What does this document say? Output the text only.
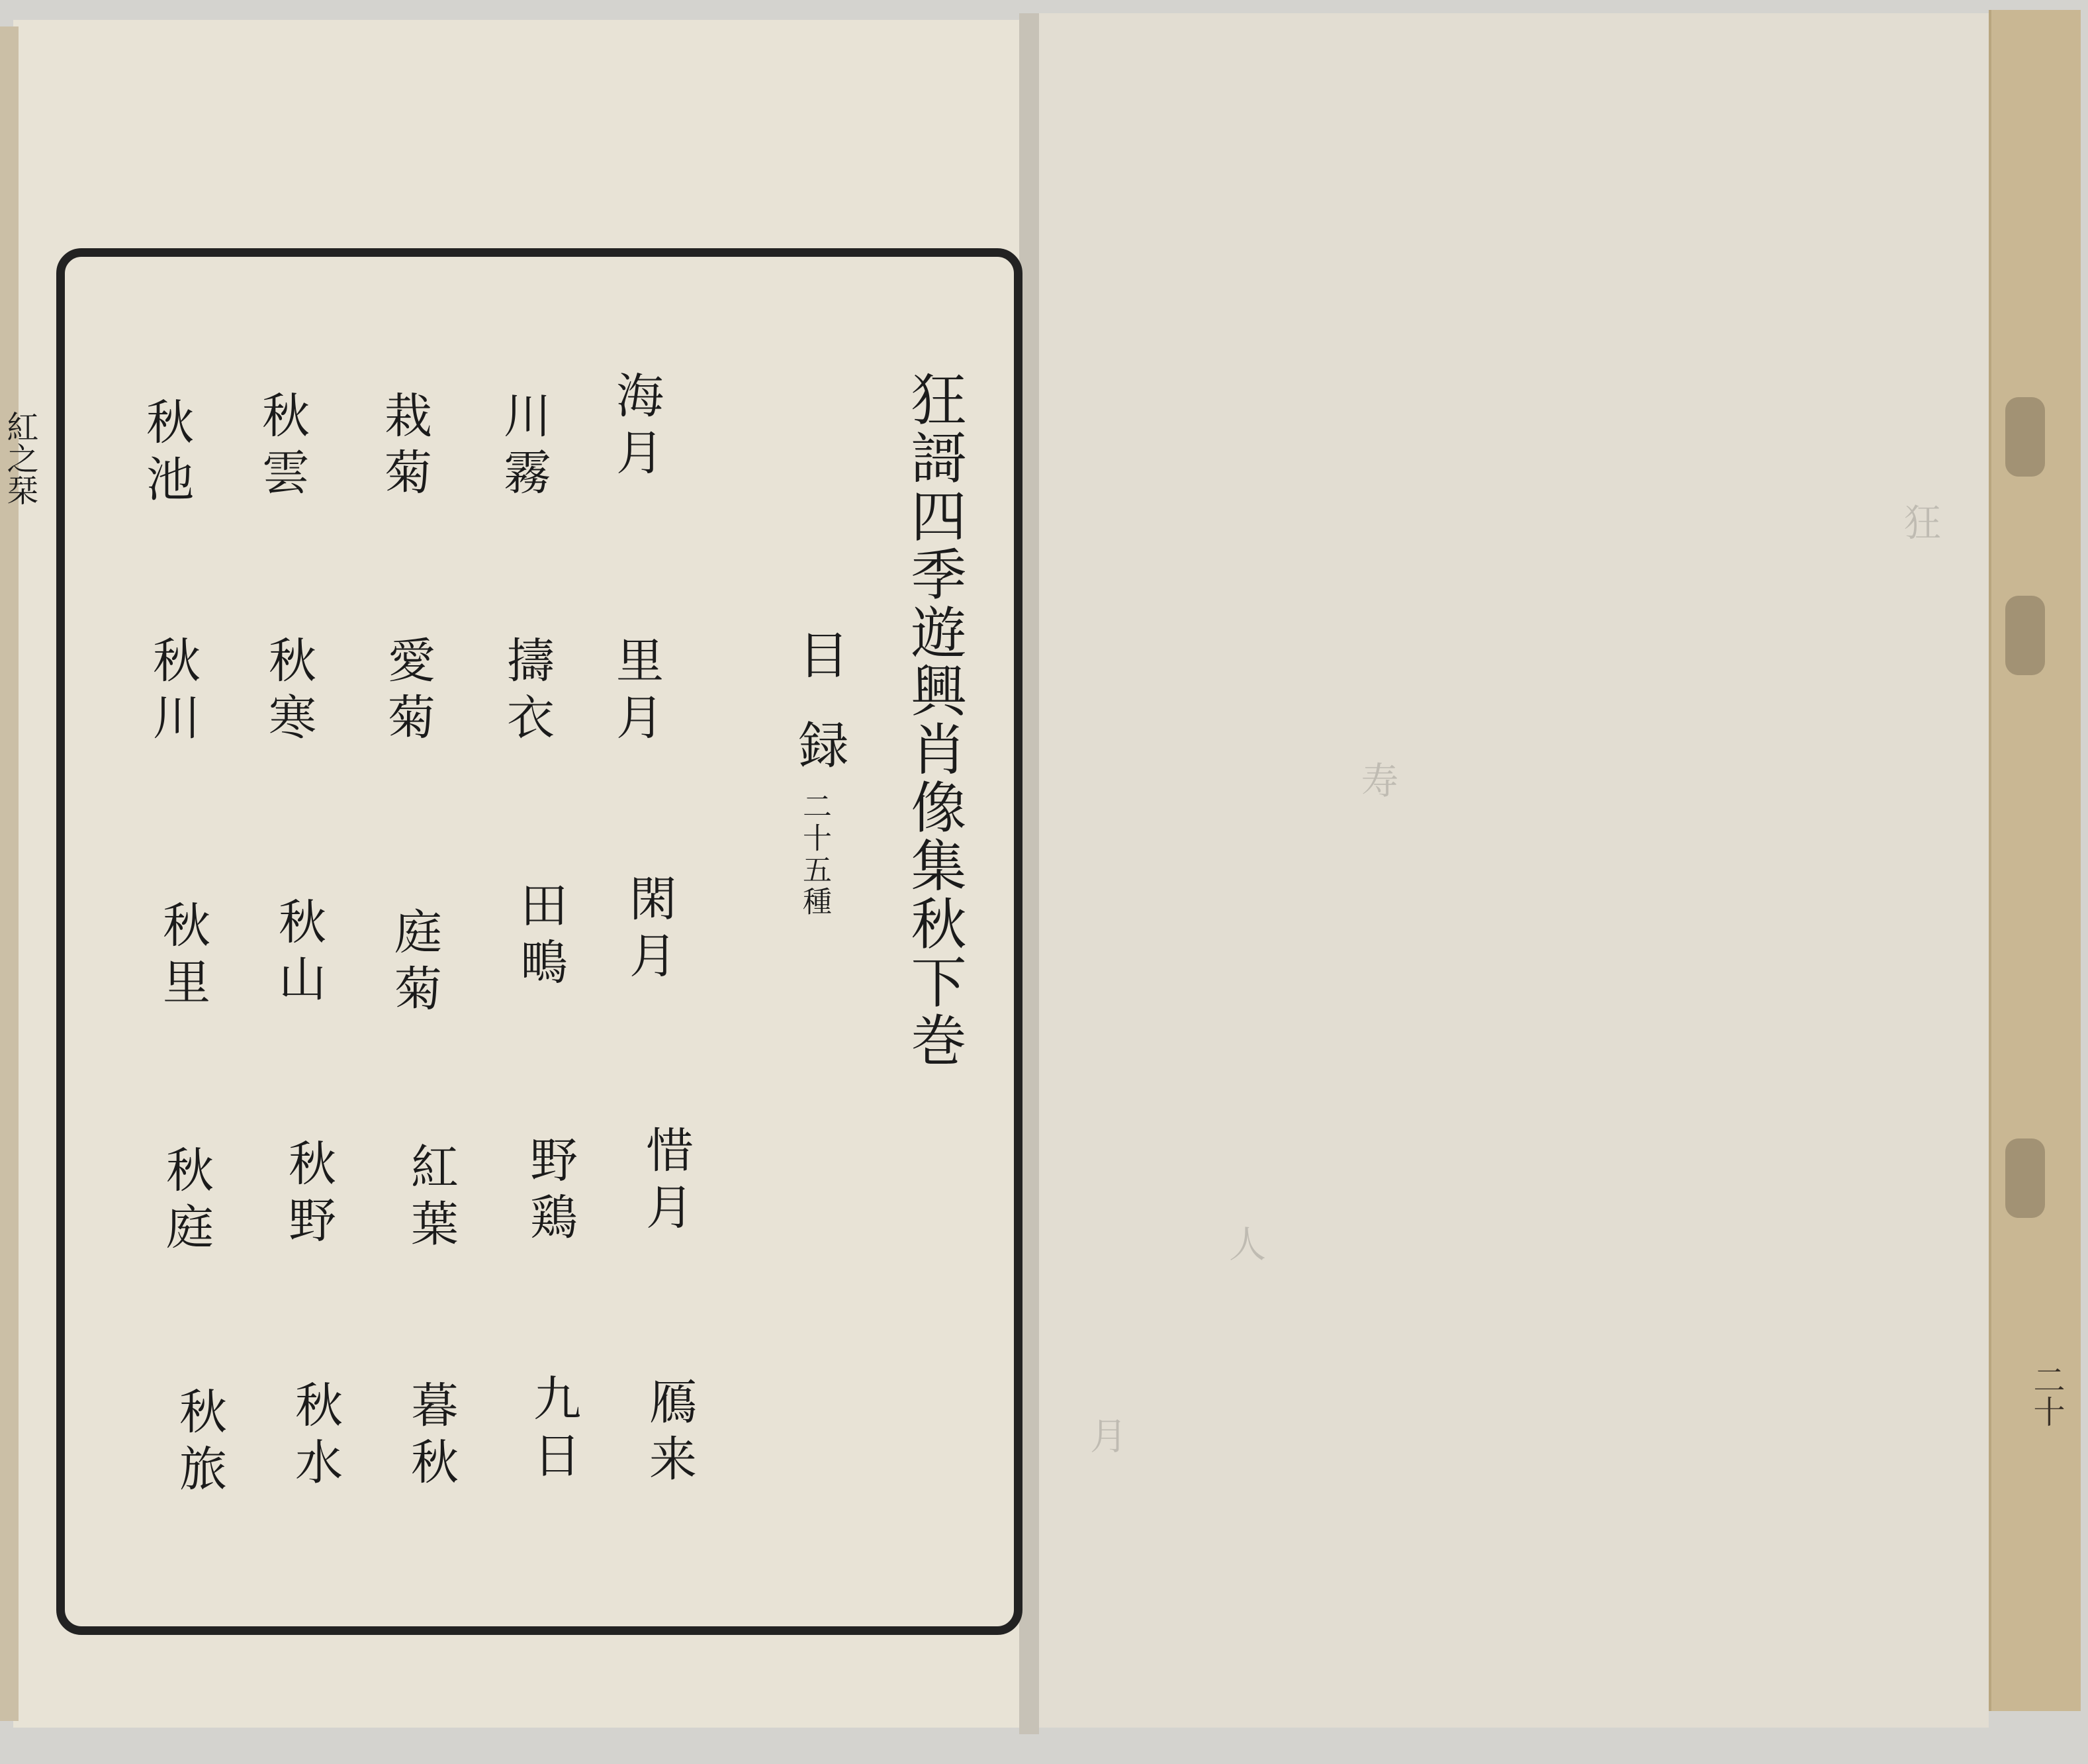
紅之栞
二十
狂
寿
人
月
狂謌四季遊興肖像集秋下巻
目録
二十五種
海月
里月
閑月
惜月
鴈来
川霧
擣衣
田鴫
野鶏
九日
栽菊
愛菊
庭菊
紅葉
暮秋
秋雲
秋寒
秋山
秋野
秋水
秋池
秋川
秋里
秋庭
秋旅
